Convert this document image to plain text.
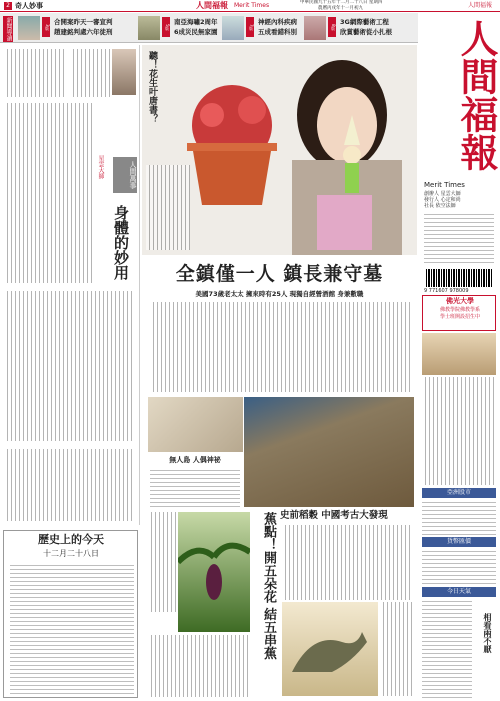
2 奇人妙事	人間福報 Merit Times	中華民國九十五年十二月二十八日 星期四
農曆丙戌年十一月初九	人間福報
新聞導讀	3版
合開案昨天一審宣判
趙建銘判處六年徒刑
5版
南亞海嘯2周年
6成災民無家園
7版
神經內科疾病
五成看錯科別
8版
3G網際藝術工程
欣賞藝術從小扎根
人間萬事
身體的妙用
星雲大師
歷史上的今天
十二月二十八日
聽！花生叶唐書？
全鎮僅一人 鎮長兼守墓
美國73歲老太太 擁來時有25人 現獨自經營酒館 身兼數職
無人島 人偶神祕
史前稻穀 中國考古大發現
蕉點！開五朵花 結五串蕉
人間福報
Merit Times
創辦人 星雲大師
發行人 心定和尚
社長 依空法師
9 771607 978009
佛光大學
佛教學院佛教學系
學士班開設招生中
亞洲股市
貨幣匯價
今日天氣
相看兩不厭
